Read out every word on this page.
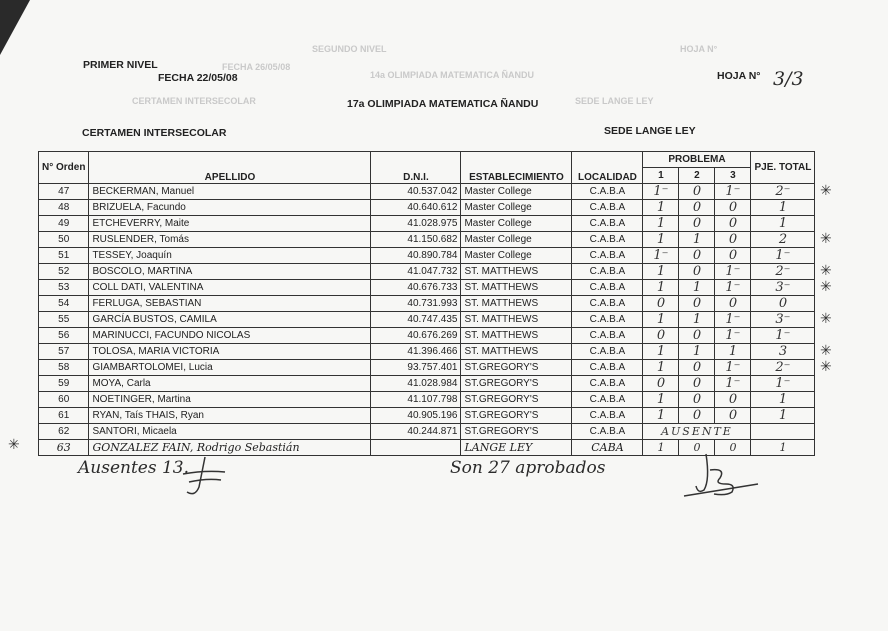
SEGUNDO NIVEL
FECHA 26/05/08
14a OLIMPIADA MATEMATICA ÑANDU
CERTAMEN INTERSECOLAR	SEDE LANGE LEY
HOJA N°
PRIMER NIVEL
FECHA 22/05/08	HOJA N° 3/3
17a OLIMPIADA MATEMATICA ÑANDU
CERTAMEN INTERSECOLAR	SEDE LANGE LEY
N° Orden	APELLIDO	D.N.I.	ESTABLECIMIENTO	LOCALIDAD	PROBLEMA			PJE. TOTAL
					1	2	3	
47	BECKERMAN, Manuel	40.537.042	Master College	C.A.B.A	1⁻	0	1⁻	2⁻
48	BRIZUELA, Facundo	40.640.612	Master College	C.A.B.A	1	0	0	1
49	ETCHEVERRY, Maite	41.028.975	Master College	C.A.B.A	1	0	0	1
50	RUSLENDER, Tomás	41.150.682	Master College	C.A.B.A	1	1	0	2
51	TESSEY, Joaquín	40.890.784	Master College	C.A.B.A	1⁻	0	0	1⁻
52	BOSCOLO, MARTINA	41.047.732	ST. MATTHEWS	C.A.B.A	1	0	1⁻	2⁻
53	COLL DATI, VALENTINA	40.676.733	ST. MATTHEWS	C.A.B.A	1	1	1⁻	3⁻
54	FERLUGA, SEBASTIAN	40.731.993	ST. MATTHEWS	C.A.B.A	0	0	0	0
55	GARCÍA BUSTOS, CAMILA	40.747.435	ST. MATTHEWS	C.A.B.A	1	1	1⁻	3⁻
56	MARINUCCI, FACUNDO NICOLAS	40.676.269	ST. MATTHEWS	C.A.B.A	0	0	1⁻	1⁻
57	TOLOSA, MARIA VICTORIA	41.396.466	ST. MATTHEWS	C.A.B.A	1	1	1	3
58	GIAMBARTOLOMEI, Lucia	93.757.401	ST.GREGORY'S	C.A.B.A	1	0	1⁻	2⁻
59	MOYA, Carla	41.028.984	ST.GREGORY'S	C.A.B.A	0	0	1⁻	1⁻
60	NOETINGER, Martina	41.107.798	ST.GREGORY'S	C.A.B.A	1	0	0	1
61	RYAN, Taís THAIS, Ryan	40.905.196	ST.GREGORY'S	C.A.B.A	1	0	0	1
62	SANTORI, Micaela	40.244.871	ST.GREGORY'S	C.A.B.A	AUSENTE			
63	GONZALEZ FAIN, Rodrigo Sebastián		LANGE LEY	CABA	1	0	0	1
✳
✳
✳
✳
✳
✳
✳
✳
Ausentes 13.	Son 27 aprobados
